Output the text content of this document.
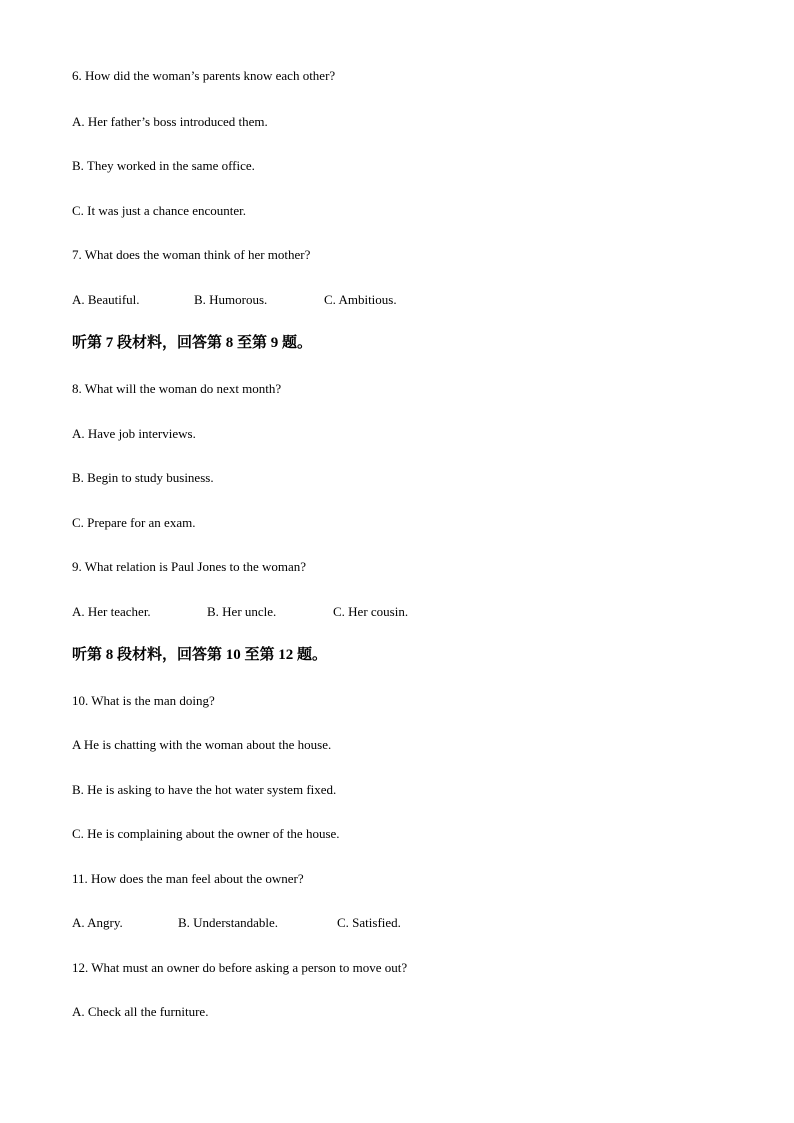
6. How did the woman’s parents know each other?
A. Her father’s boss introduced them.
B. They worked in the same office.
C. It was just a chance encounter.
7. What does the woman think of her mother?

A. Beautiful.

	B. Humorous.

	C. Ambitious.

听第 7 段材料，回答第 8 至第 9 题。
8. What will the woman do next month?
A. Have job interviews.
B. Begin to study business.
C. Prepare for an exam.
9. What relation is Paul Jones to the woman?

A. Her teacher.

	B. Her uncle.

	C. Her cousin.

听第 8 段材料，回答第 10 至第 12 题。
10. What is the man doing?
A He is chatting with the woman about the house.
B. He is asking to have the hot water system fixed.
C. He is complaining about the owner of the house.
11. How does the man feel about the owner?

A. Angry.

	B. Understandable.

	C. Satisfied.

12. What must an owner do before asking a person to move out?
A. Check all the furniture.
